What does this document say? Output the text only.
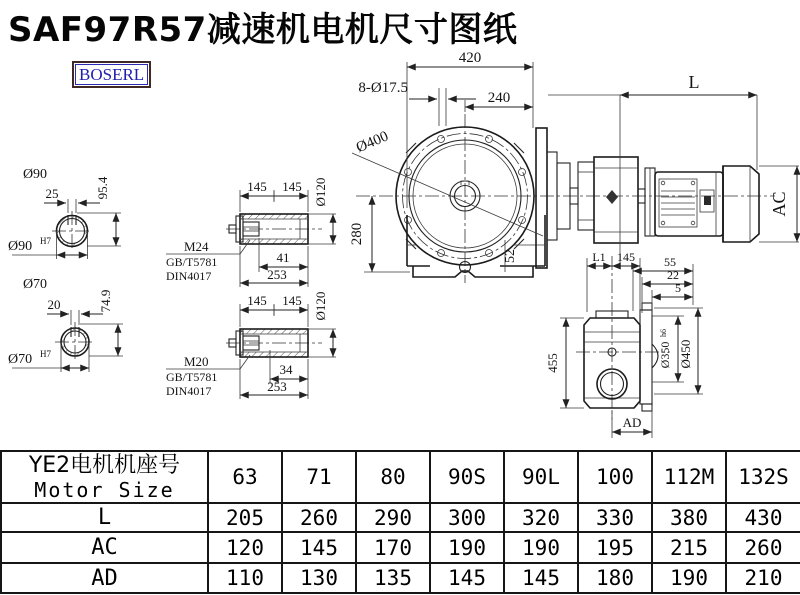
SAF97R57减速机电机尺寸图纸
BOSERL
420
240
8-Ø17.5	L
AC
Ø400
280
52	L1 145 55
22
5
455	Ø350
h6
Ø450
AD
Ø90
25	95.4
Ø90 H7
Ø70
20	74.9
Ø70 H7
145 145 Ø120
M24
GB/T5781
DIN4017
41
253
145 145 Ø120
M20
GB/T5781
DIN4017
34
253
YE2电机机座号
Motor Size	63	71	80	90S	90L	100	112M	132S
L	205	260	290	300	320	330	380	430
AC	120	145	170	190	190	195	215	260
AD	110	130	135	145	145	180	190	210
